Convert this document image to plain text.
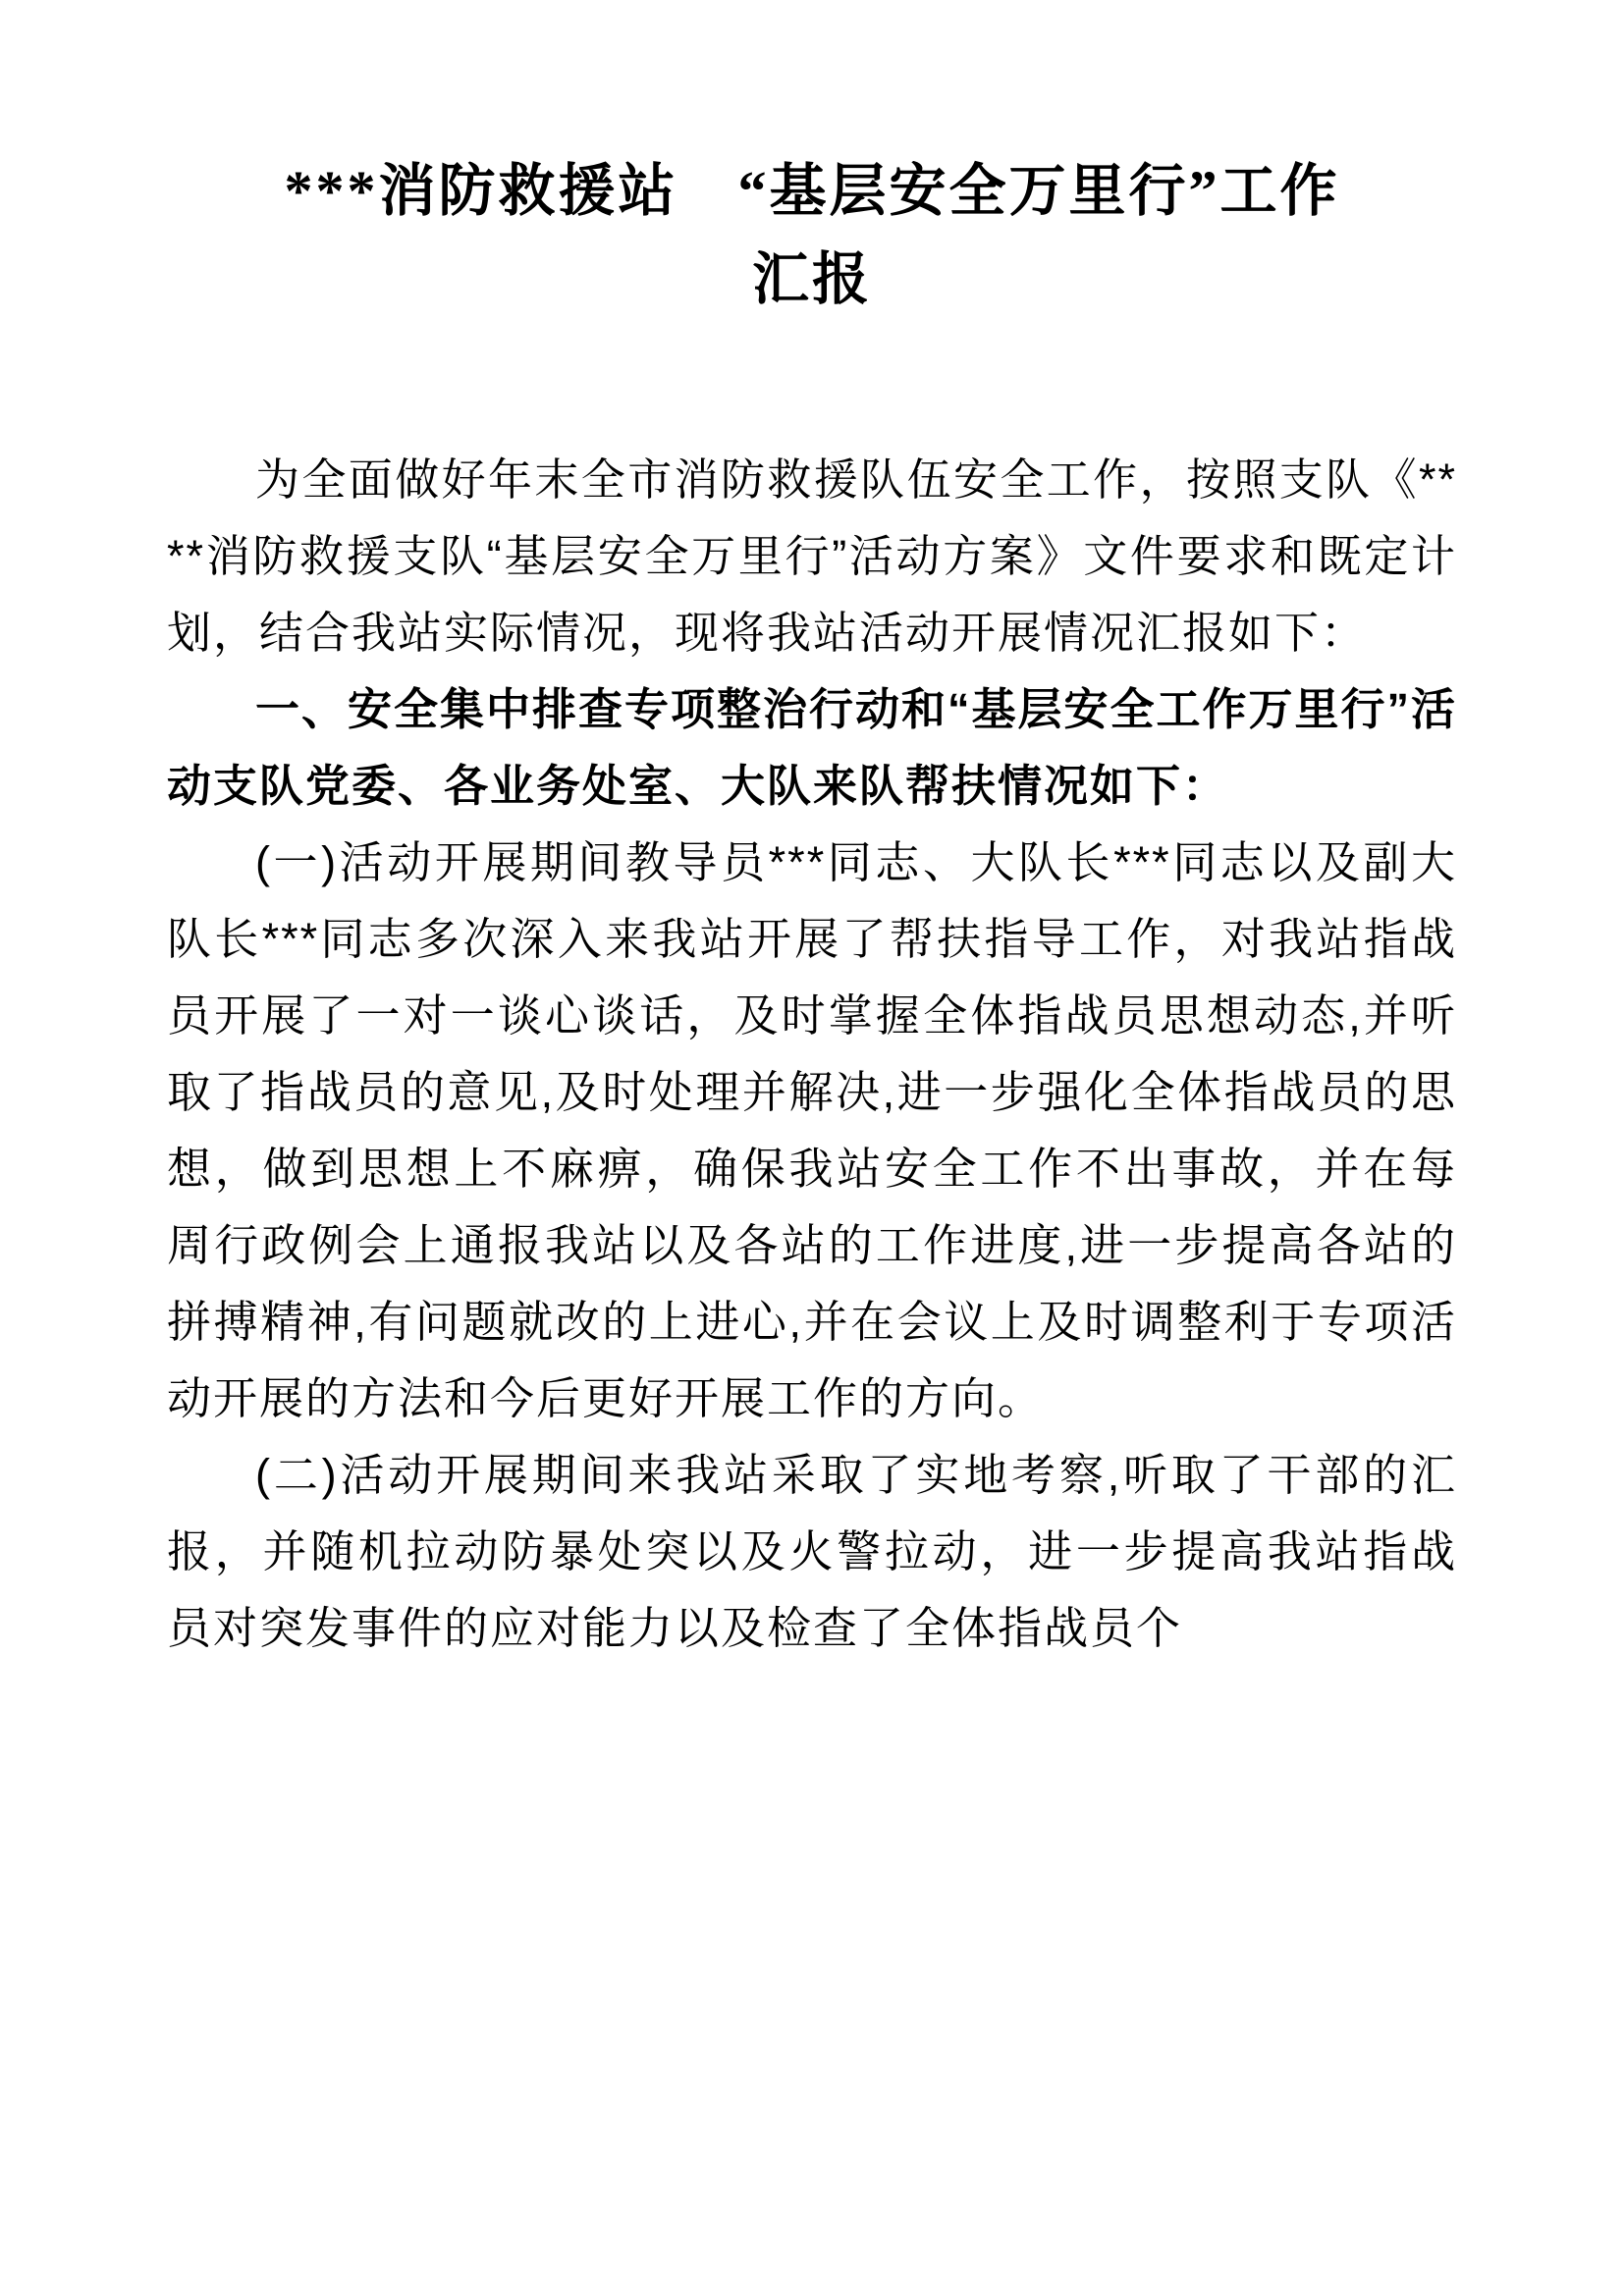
***消防救援站　“基层安全万里行”工作
汇报

为全面做好年末全市消防救援队伍安全工作，按照支队《****消防救援支队“基层安全万里行”活动方案》文件要求和既定计划，结合我站实际情况，现将我站活动开展情况汇报如下：

一、安全集中排查专项整治行动和“基层安全工作万里行”活动支队党委、各业务处室、大队来队帮扶情况如下：

(一)活动开展期间教导员***同志、大队长***同志以及副大队长***同志多次深入来我站开展了帮扶指导工作，对我站指战员开展了一对一谈心谈话，及时掌握全体指战员思想动态,并听取了指战员的意见,及时处理并解决,进一步强化全体指战员的思想，做到思想上不麻痹，确保我站安全工作不出事故，并在每周行政例会上通报我站以及各站的工作进度,进一步提高各站的拼搏精神,有问题就改的上进心,并在会议上及时调整利于专项活动开展的方法和今后更好开展工作的方向。

(二)活动开展期间来我站采取了实地考察,听取了干部的汇报，并随机拉动防暴处突以及火警拉动，进一步提高我站指战员对突发事件的应对能力以及检查了全体指战员个
